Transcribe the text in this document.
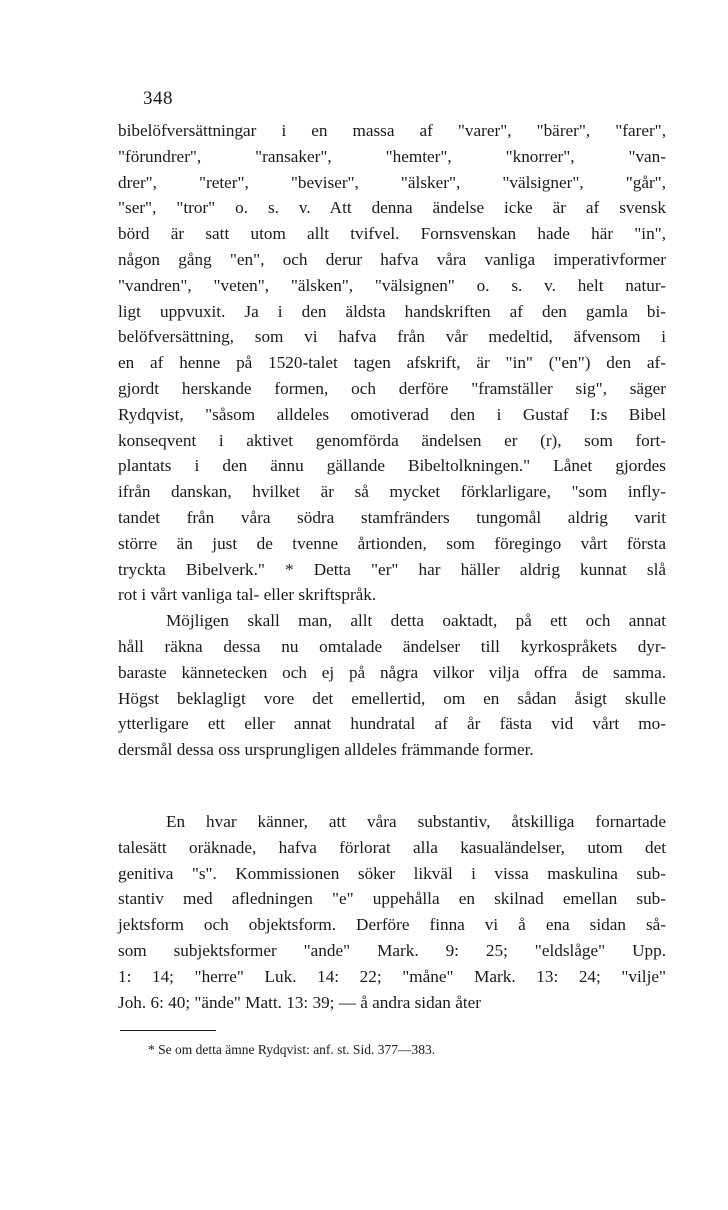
348
bibelöfversättningar i en massa af "varer", "bärer", "farer",
"förundrer", "ransaker", "hemter", "knorrer", "van-
drer", "reter", "beviser", "älsker", "välsigner", "går",
"ser", "tror" o. s. v. Att denna ändelse icke är af svensk
börd är satt utom allt tvifvel. Fornsvenskan hade här "in",
någon gång "en", och derur hafva våra vanliga imperativformer
"vandren", "veten", "älsken", "välsignen" o. s. v. helt natur-
ligt uppvuxit. Ja i den äldsta handskriften af den gamla bi-
belöfversättning, som vi hafva från vår medeltid, äfvensom i
en af henne på 1520-talet tagen afskrift, är "in" ("en") den af-
gjordt herskande formen, och derföre "framställer sig", säger
Rydqvist, "såsom alldeles omotiverad den i Gustaf I:s Bibel
konseqvent i aktivet genomförda ändelsen er (r), som fort-
plantats i den ännu gällande Bibeltolkningen." Lånet gjordes
ifrån danskan, hvilket är så mycket förklarligare, "som infly-
tandet från våra södra stamfränders tungomål aldrig varit
större än just de tvenne årtionden, som föregingo vårt första
tryckta Bibelverk." * Detta "er" har häller aldrig kunnat slå
rot i vårt vanliga tal- eller skriftspråk.
Möjligen skall man, allt detta oaktadt, på ett och annat
håll räkna dessa nu omtalade ändelser till kyrkospråkets dyr-
baraste kännetecken och ej på några vilkor vilja offra de samma.
Högst beklagligt vore det emellertid, om en sådan åsigt skulle
ytterligare ett eller annat hundratal af år fästa vid vårt mo-
dersmål dessa oss ursprungligen alldeles främmande former.
En hvar känner, att våra substantiv, åtskilliga fornartade
talesätt oräknade, hafva förlorat alla kasualändelser, utom det
genitiva "s". Kommissionen söker likväl i vissa maskulina sub-
stantiv med afledningen "e" uppehålla en skilnad emellan sub-
jektsform och objektsform. Derföre finna vi å ena sidan så-
som subjektsformer "ande" Mark. 9: 25; "eldslåge" Upp.
1: 14; "herre" Luk. 14: 22; "måne" Mark. 13: 24; "vilje"
Joh. 6: 40; "ände" Matt. 13: 39; — å andra sidan åter
* Se om detta ämne Rydqvist: anf. st. Sid. 377—383.
